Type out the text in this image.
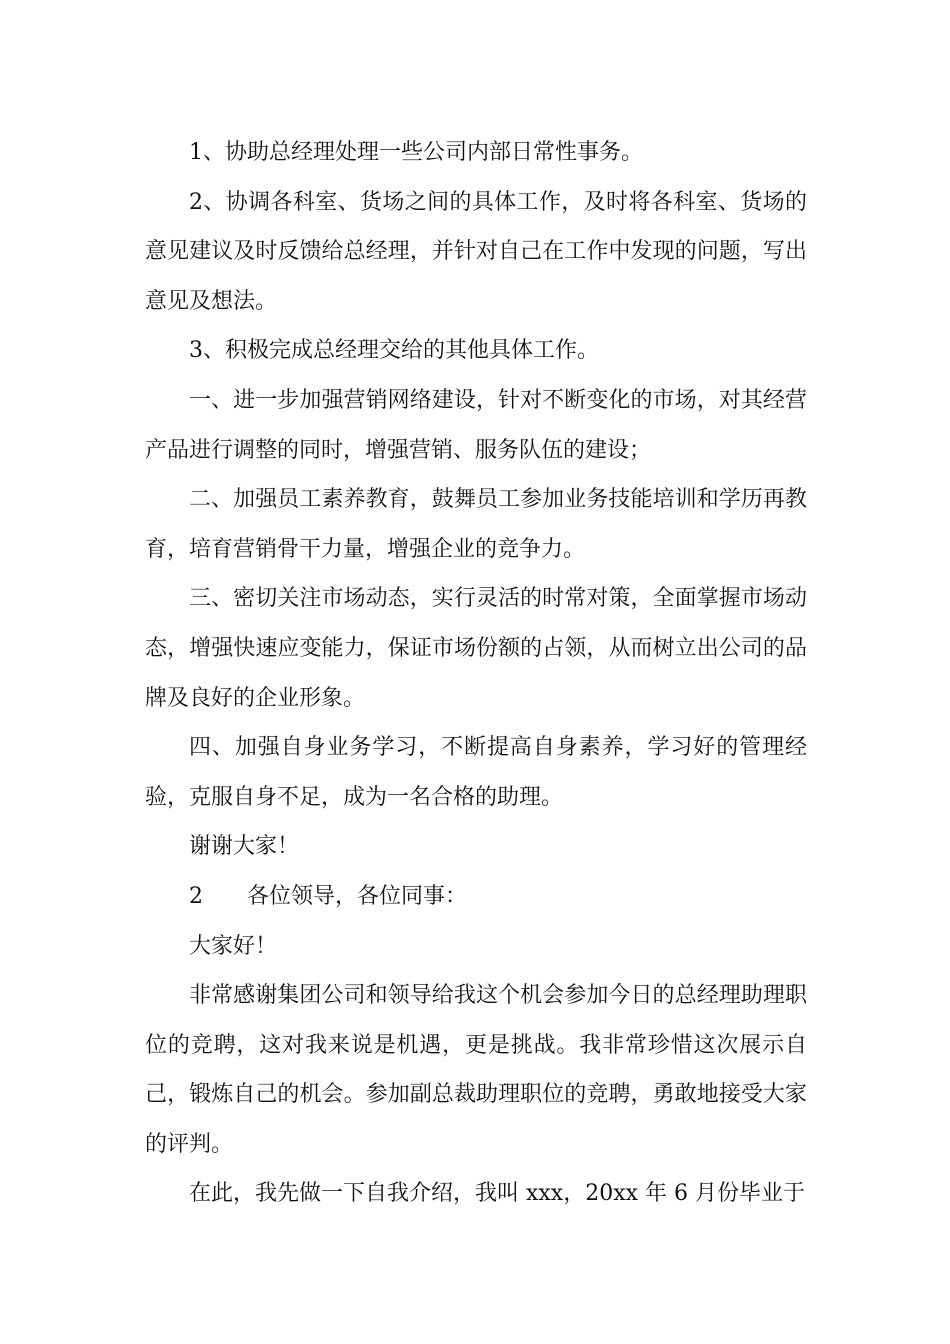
1、协助总经理处理一些公司内部日常性事务。

2、协调各科室、货场之间的具体工作，及时将各科室、货场的意见建议及时反馈给总经理，并针对自己在工作中发现的问题，写出意见及想法。

3、积极完成总经理交给的其他具体工作。

一、进一步加强营销网络建设，针对不断变化的市场，对其经营产品进行调整的同时，增强营销、服务队伍的建设；

二、加强员工素养教育，鼓舞员工参加业务技能培训和学历再教育，培育营销骨干力量，增强企业的竞争力。

三、密切关注市场动态，实行灵活的时常对策，全面掌握市场动态，增强快速应变能力，保证市场份额的占领，从而树立出公司的品牌及良好的企业形象。

四、加强自身业务学习，不断提高自身素养，学习好的管理经验，克服自身不足，成为一名合格的助理。

谢谢大家！

2 各位领导，各位同事：

大家好！

非常感谢集团公司和领导给我这个机会参加今日的总经理助理职位的竞聘，这对我来说是机遇，更是挑战。我非常珍惜这次展示自己，锻炼自己的机会。参加副总裁助理职位的竞聘，勇敢地接受大家的评判。

在此，我先做一下自我介绍，我叫 xxx，20xx 年 6 月份毕业于
